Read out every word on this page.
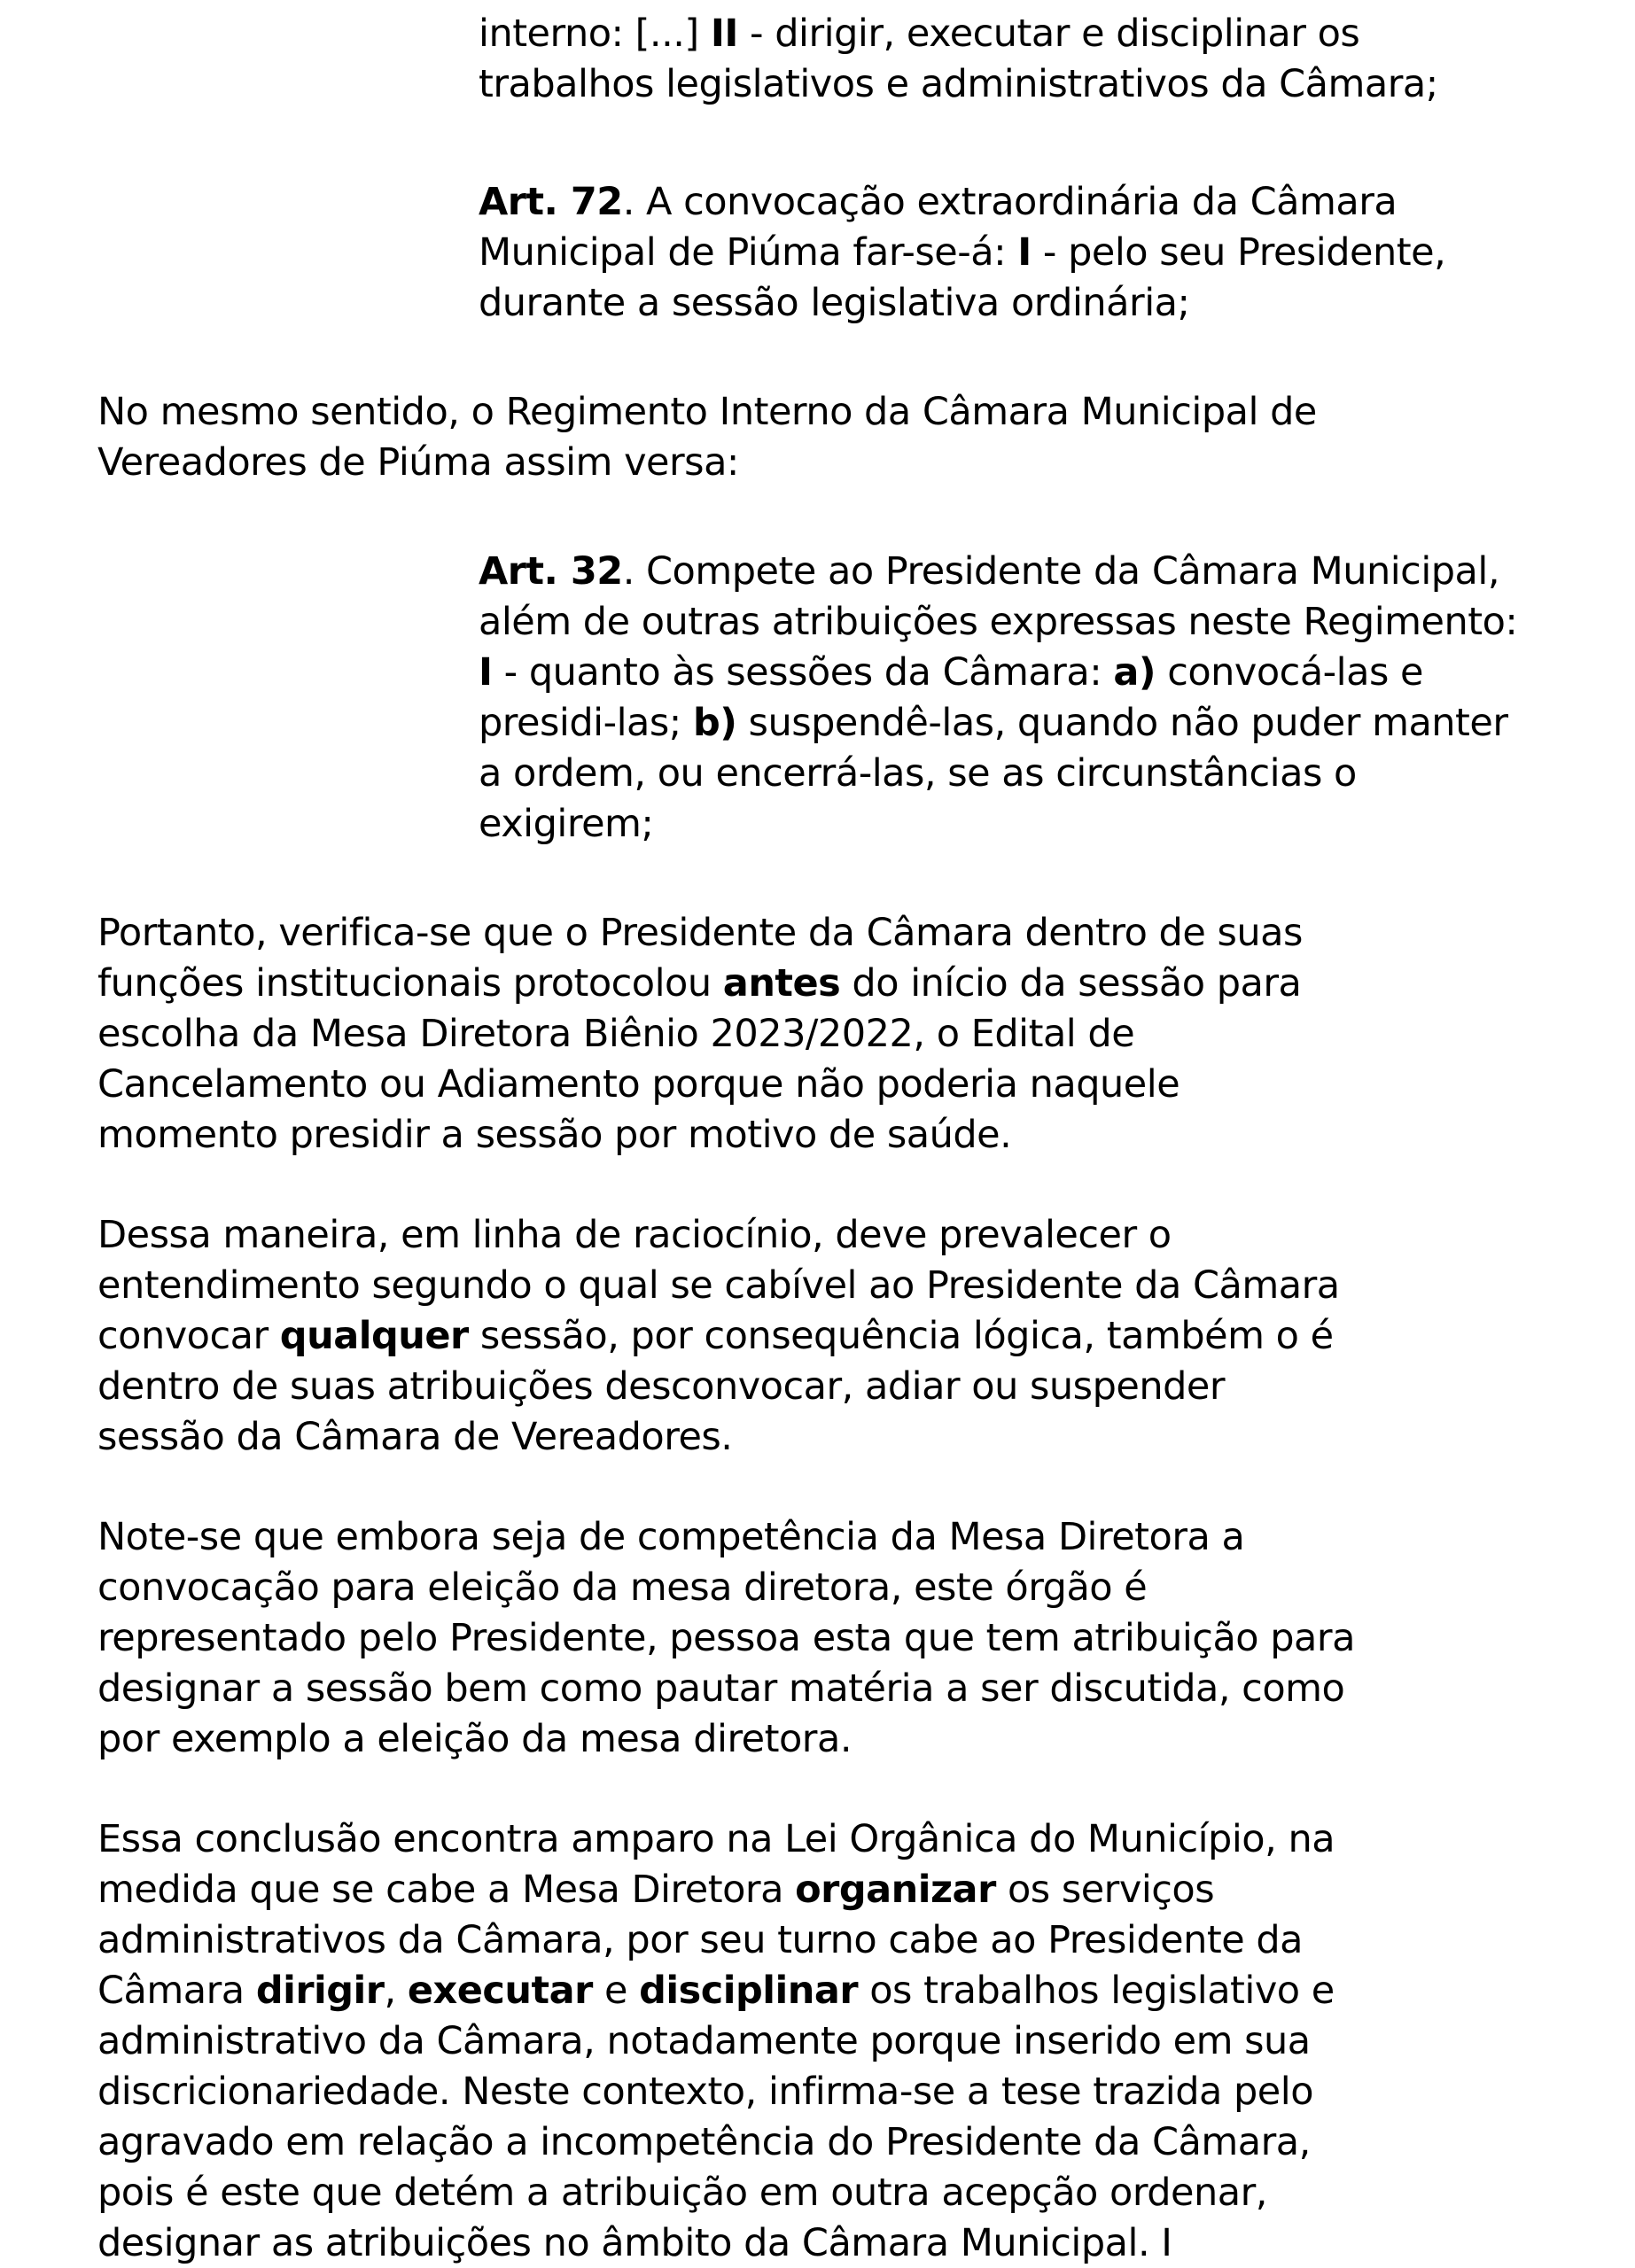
interno: [...] II - dirigir, executar e disciplinar os
trabalhos legislativos e administrativos da Câmara;
Art. 72. A convocação extraordinária da Câmara
Municipal de Piúma far-se-á: I - pelo seu Presidente,
durante a sessão legislativa ordinária;
No mesmo sentido, o Regimento Interno da Câmara Municipal de
Vereadores de Piúma assim versa:
Art. 32. Compete ao Presidente da Câmara Municipal,
além de outras atribuições expressas neste Regimento:
I - quanto às sessões da Câmara: a) convocá-las e
presidi-las; b) suspendê-las, quando não puder manter
a ordem, ou encerrá-las, se as circunstâncias o
exigirem;
Portanto, verifica-se que o Presidente da Câmara dentro de suas
funções institucionais protocolou antes do início da sessão para
escolha da Mesa Diretora Biênio 2023/2022, o Edital de
Cancelamento ou Adiamento porque não poderia naquele
momento presidir a sessão por motivo de saúde.
Dessa maneira, em linha de raciocínio, deve prevalecer o
entendimento segundo o qual se cabível ao Presidente da Câmara
convocar qualquer sessão, por consequência lógica, também o é
dentro de suas atribuições desconvocar, adiar ou suspender
sessão da Câmara de Vereadores.
Note-se que embora seja de competência da Mesa Diretora a
convocação para eleição da mesa diretora, este órgão é
representado pelo Presidente, pessoa esta que tem atribuição para
designar a sessão bem como pautar matéria a ser discutida, como
por exemplo a eleição da mesa diretora.
Essa conclusão encontra amparo na Lei Orgânica do Município, na
medida que se cabe a Mesa Diretora organizar os serviços
administrativos da Câmara, por seu turno cabe ao Presidente da
Câmara dirigir, executar e disciplinar os trabalhos legislativo e
administrativo da Câmara, notadamente porque inserido em sua
discricionariedade. Neste contexto, infirma-se a tese trazida pelo
agravado em relação a incompetência do Presidente da Câmara,
pois é este que detém a atribuição em outra acepção ordenar,
designar as atribuições no âmbito da Câmara Municipal. I
